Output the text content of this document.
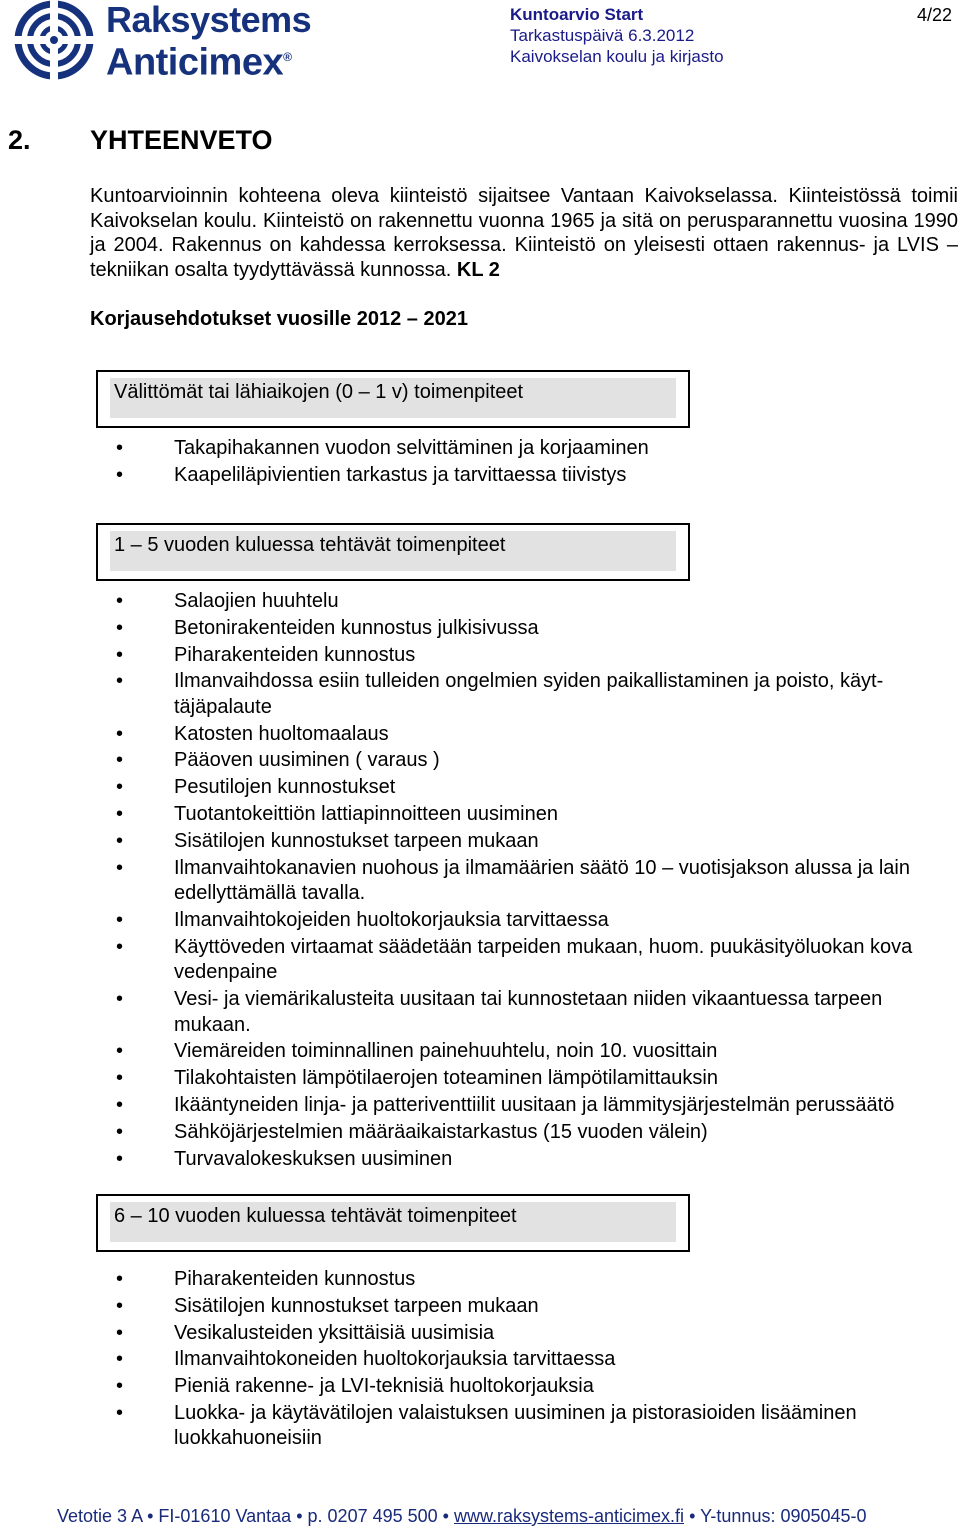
Raksystems
Anticimex®
Kuntoarvio Start
Tarkastuspäivä 6.3.2012
Kaivokselan koulu ja kirjasto
4/22
2. YHTEENVETO
Kuntoarvioinnin kohteena oleva kiinteistö sijaitsee Vantaan Kaivokselassa. Kiinteistössä toimii Kaivokselan koulu. Kiinteistö on rakennettu vuonna 1965 ja sitä on perusparannettu vuosina 1990 ja 2004. Rakennus on kahdessa kerroksessa. Kiinteistö on yleisesti ottaen rakennus- ja LVIS – tekniikan osalta tyydyttävässä kunnossa. KL 2
Korjausehdotukset vuosille 2012 – 2021
Välittömät tai lähiaikojen (0 – 1 v) toimenpiteet
•	Takapihakannen vuodon selvittäminen ja korjaaminen
•	Kaapeliläpivientien tarkastus ja tarvittaessa tiivistys
1 – 5 vuoden kuluessa tehtävät toimenpiteet
•	Salaojien huuhtelu
•	Betonirakenteiden kunnostus julkisivussa
•	Piharakenteiden kunnostus
•	Ilmanvaihdossa esiin tulleiden ongelmien syiden paikallistaminen ja poisto, käyt-täjäpalaute
•	Katosten huoltomaalaus
•	Pääoven uusiminen ( varaus )
•	Pesutilojen kunnostukset
•	Tuotantokeittiön lattiapinnoitteen uusiminen
•	Sisätilojen kunnostukset tarpeen mukaan
•	Ilmanvaihtokanavien nuohous ja ilmamäärien säätö 10 – vuotisjakson alussa ja lain edellyttämällä tavalla.
•	Ilmanvaihtokojeiden huoltokorjauksia tarvittaessa
•	Käyttöveden virtaamat säädetään tarpeiden mukaan, huom. puukäsityöluokan kova vedenpaine
•	Vesi- ja viemärikalusteita uusitaan tai kunnostetaan niiden vikaantuessa tarpeen mukaan.
•	Viemäreiden toiminnallinen painehuuhtelu, noin 10. vuosittain
•	Tilakohtaisten lämpötilaerojen toteaminen lämpötilamittauksin
•	Ikääntyneiden linja- ja patteriventtiilit uusitaan ja lämmitysjärjestelmän perussäätö
•	Sähköjärjestelmien määräaikaistarkastus (15 vuoden välein)
•	Turvavalokeskuksen uusiminen
6 – 10 vuoden kuluessa tehtävät toimenpiteet
•	Piharakenteiden kunnostus
•	Sisätilojen kunnostukset tarpeen mukaan
•	Vesikalusteiden yksittäisiä uusimisia
•	Ilmanvaihtokoneiden huoltokorjauksia tarvittaessa
•	Pieniä rakenne- ja LVI-teknisiä huoltokorjauksia
•	Luokka- ja käytävätilojen valaistuksen uusiminen ja pistorasioiden lisääminen luokkahuoneisiin
Vetotie 3 A • FI-01610 Vantaa • p. 0207 495 500 • www.raksystems-anticimex.fi • Y-tunnus: 0905045-0
